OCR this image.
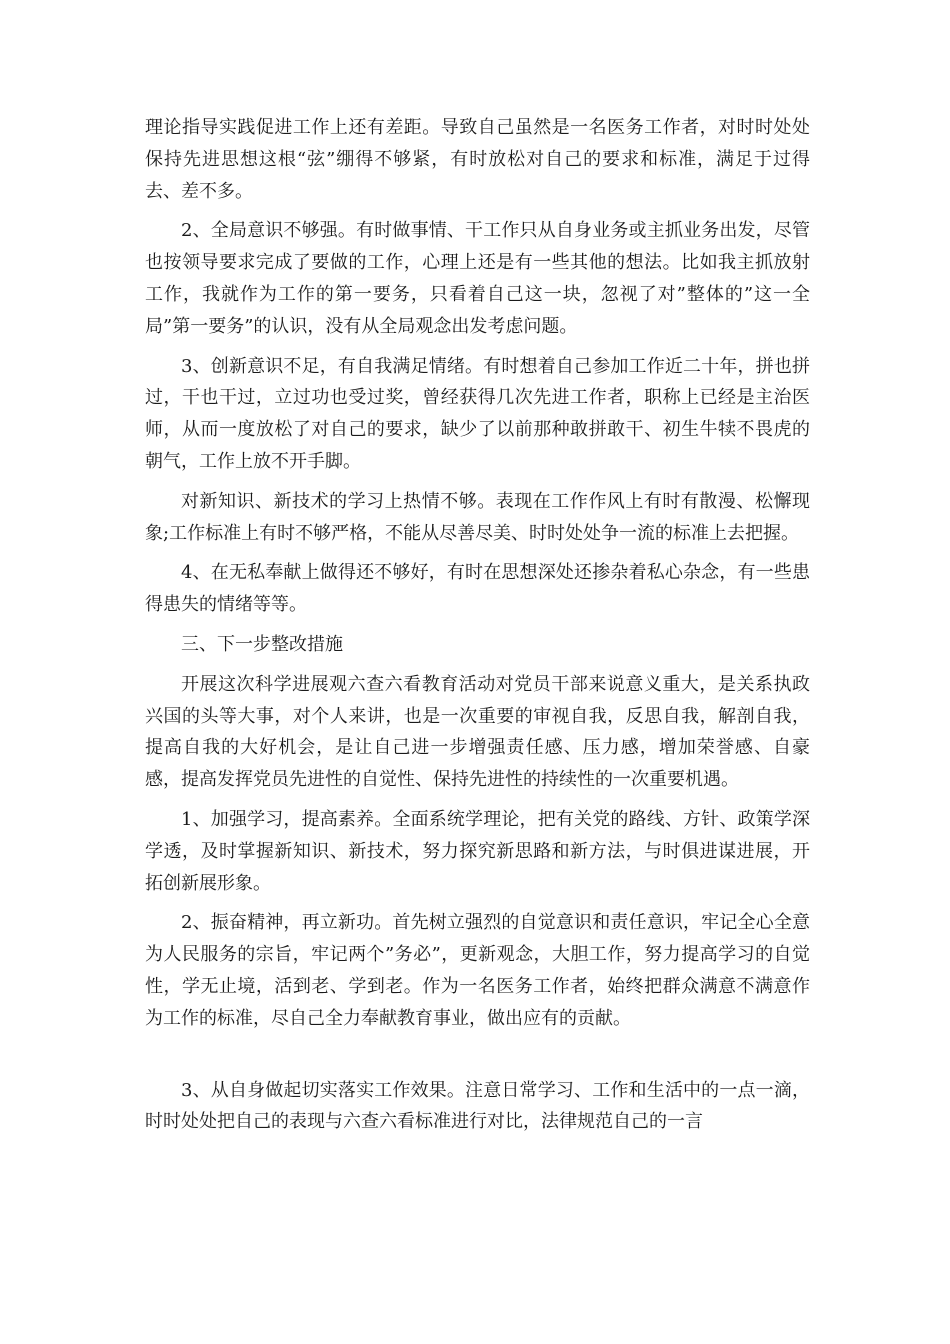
理论指导实践促进工作上还有差距。导致自己虽然是一名医务工作者，对时时处处保持先进思想这根“弦”绷得不够紧，有时放松对自己的要求和标准，满足于过得去、差不多。

2、全局意识不够强。有时做事情、干工作只从自身业务或主抓业务出发，尽管也按领导要求完成了要做的工作，心理上还是有一些其他的想法。比如我主抓放射工作，我就作为工作的第一要务，只看着自己这一块，忽视了对”整体的”这一全局”第一要务”的认识，没有从全局观念出发考虑问题。

3、创新意识不足，有自我满足情绪。有时想着自己参加工作近二十年，拼也拼过，干也干过，立过功也受过奖，曾经获得几次先进工作者，职称上已经是主治医师，从而一度放松了对自己的要求，缺少了以前那种敢拼敢干、初生牛犊不畏虎的朝气，工作上放不开手脚。

对新知识、新技术的学习上热情不够。表现在工作作风上有时有散漫、松懈现象;工作标准上有时不够严格，不能从尽善尽美、时时处处争一流的标准上去把握。

4、在无私奉献上做得还不够好，有时在思想深处还掺杂着私心杂念，有一些患得患失的情绪等等。

三、下一步整改措施

开展这次科学进展观六查六看教育活动对党员干部来说意义重大，是关系执政兴国的头等大事，对个人来讲，也是一次重要的审视自我，反思自我，解剖自我，提高自我的大好机会，是让自己进一步增强责任感、压力感，增加荣誉感、自豪感，提高发挥党员先进性的自觉性、保持先进性的持续性的一次重要机遇。

1、加强学习，提高素养。全面系统学理论，把有关党的路线、方针、政策学深学透，及时掌握新知识、新技术，努力探究新思路和新方法，与时俱进谋进展，开拓创新展形象。

2、振奋精神，再立新功。首先树立强烈的自觉意识和责任意识，牢记全心全意为人民服务的宗旨，牢记两个”务必”，更新观念，大胆工作，努力提高学习的自觉性，学无止境，活到老、学到老。作为一名医务工作者，始终把群众满意不满意作为工作的标准，尽自己全力奉献教育事业，做出应有的贡献。

3、从自身做起切实落实工作效果。注意日常学习、工作和生活中的一点一滴，时时处处把自己的表现与六查六看标准进行对比，法律规范自己的一言
